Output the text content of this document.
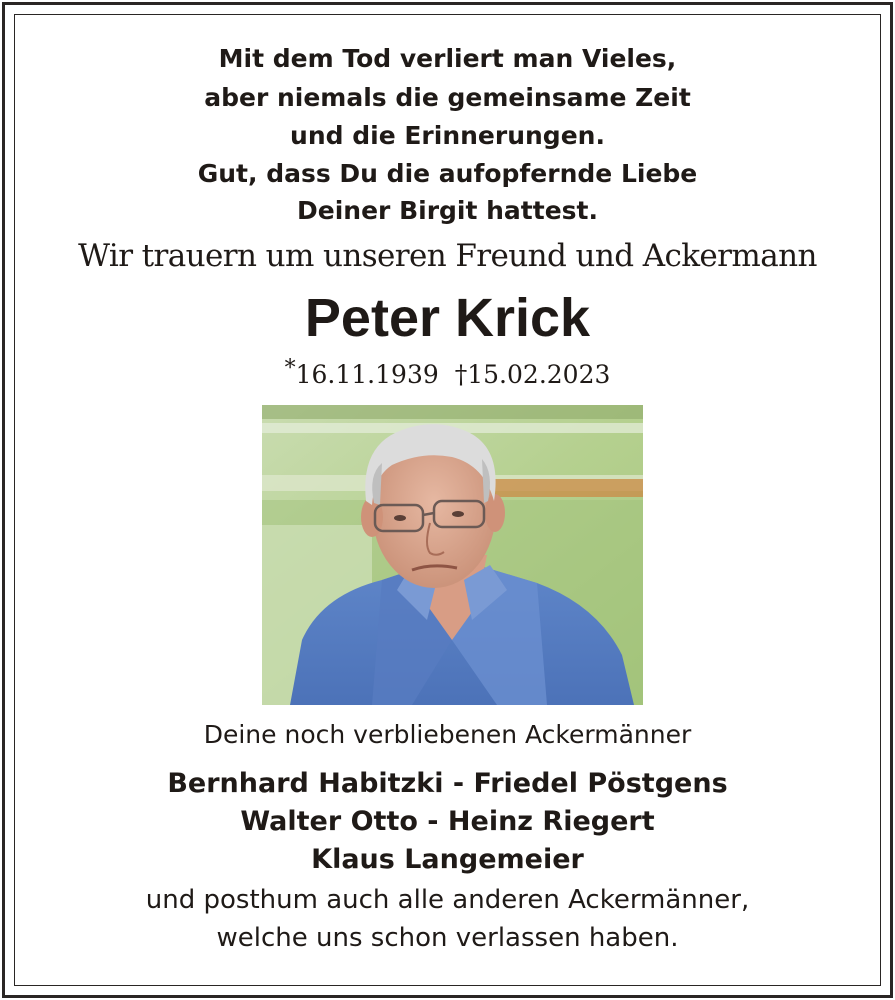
Mit dem Tod verliert man Vieles,
aber niemals die gemeinsame Zeit
und die Erinnerungen.
Gut, dass Du die aufopfernde Liebe
Deiner Birgit hattest.
Wir trauern um unseren Freund und Ackermann
Peter Krick
*16.11.1939 †15.02.2023
Deine noch verbliebenen Ackermänner
Bernhard Habitzki - Friedel Pöstgens
Walter Otto - Heinz Riegert
Klaus Langemeier
und posthum auch alle anderen Ackermänner,
welche uns schon verlassen haben.
